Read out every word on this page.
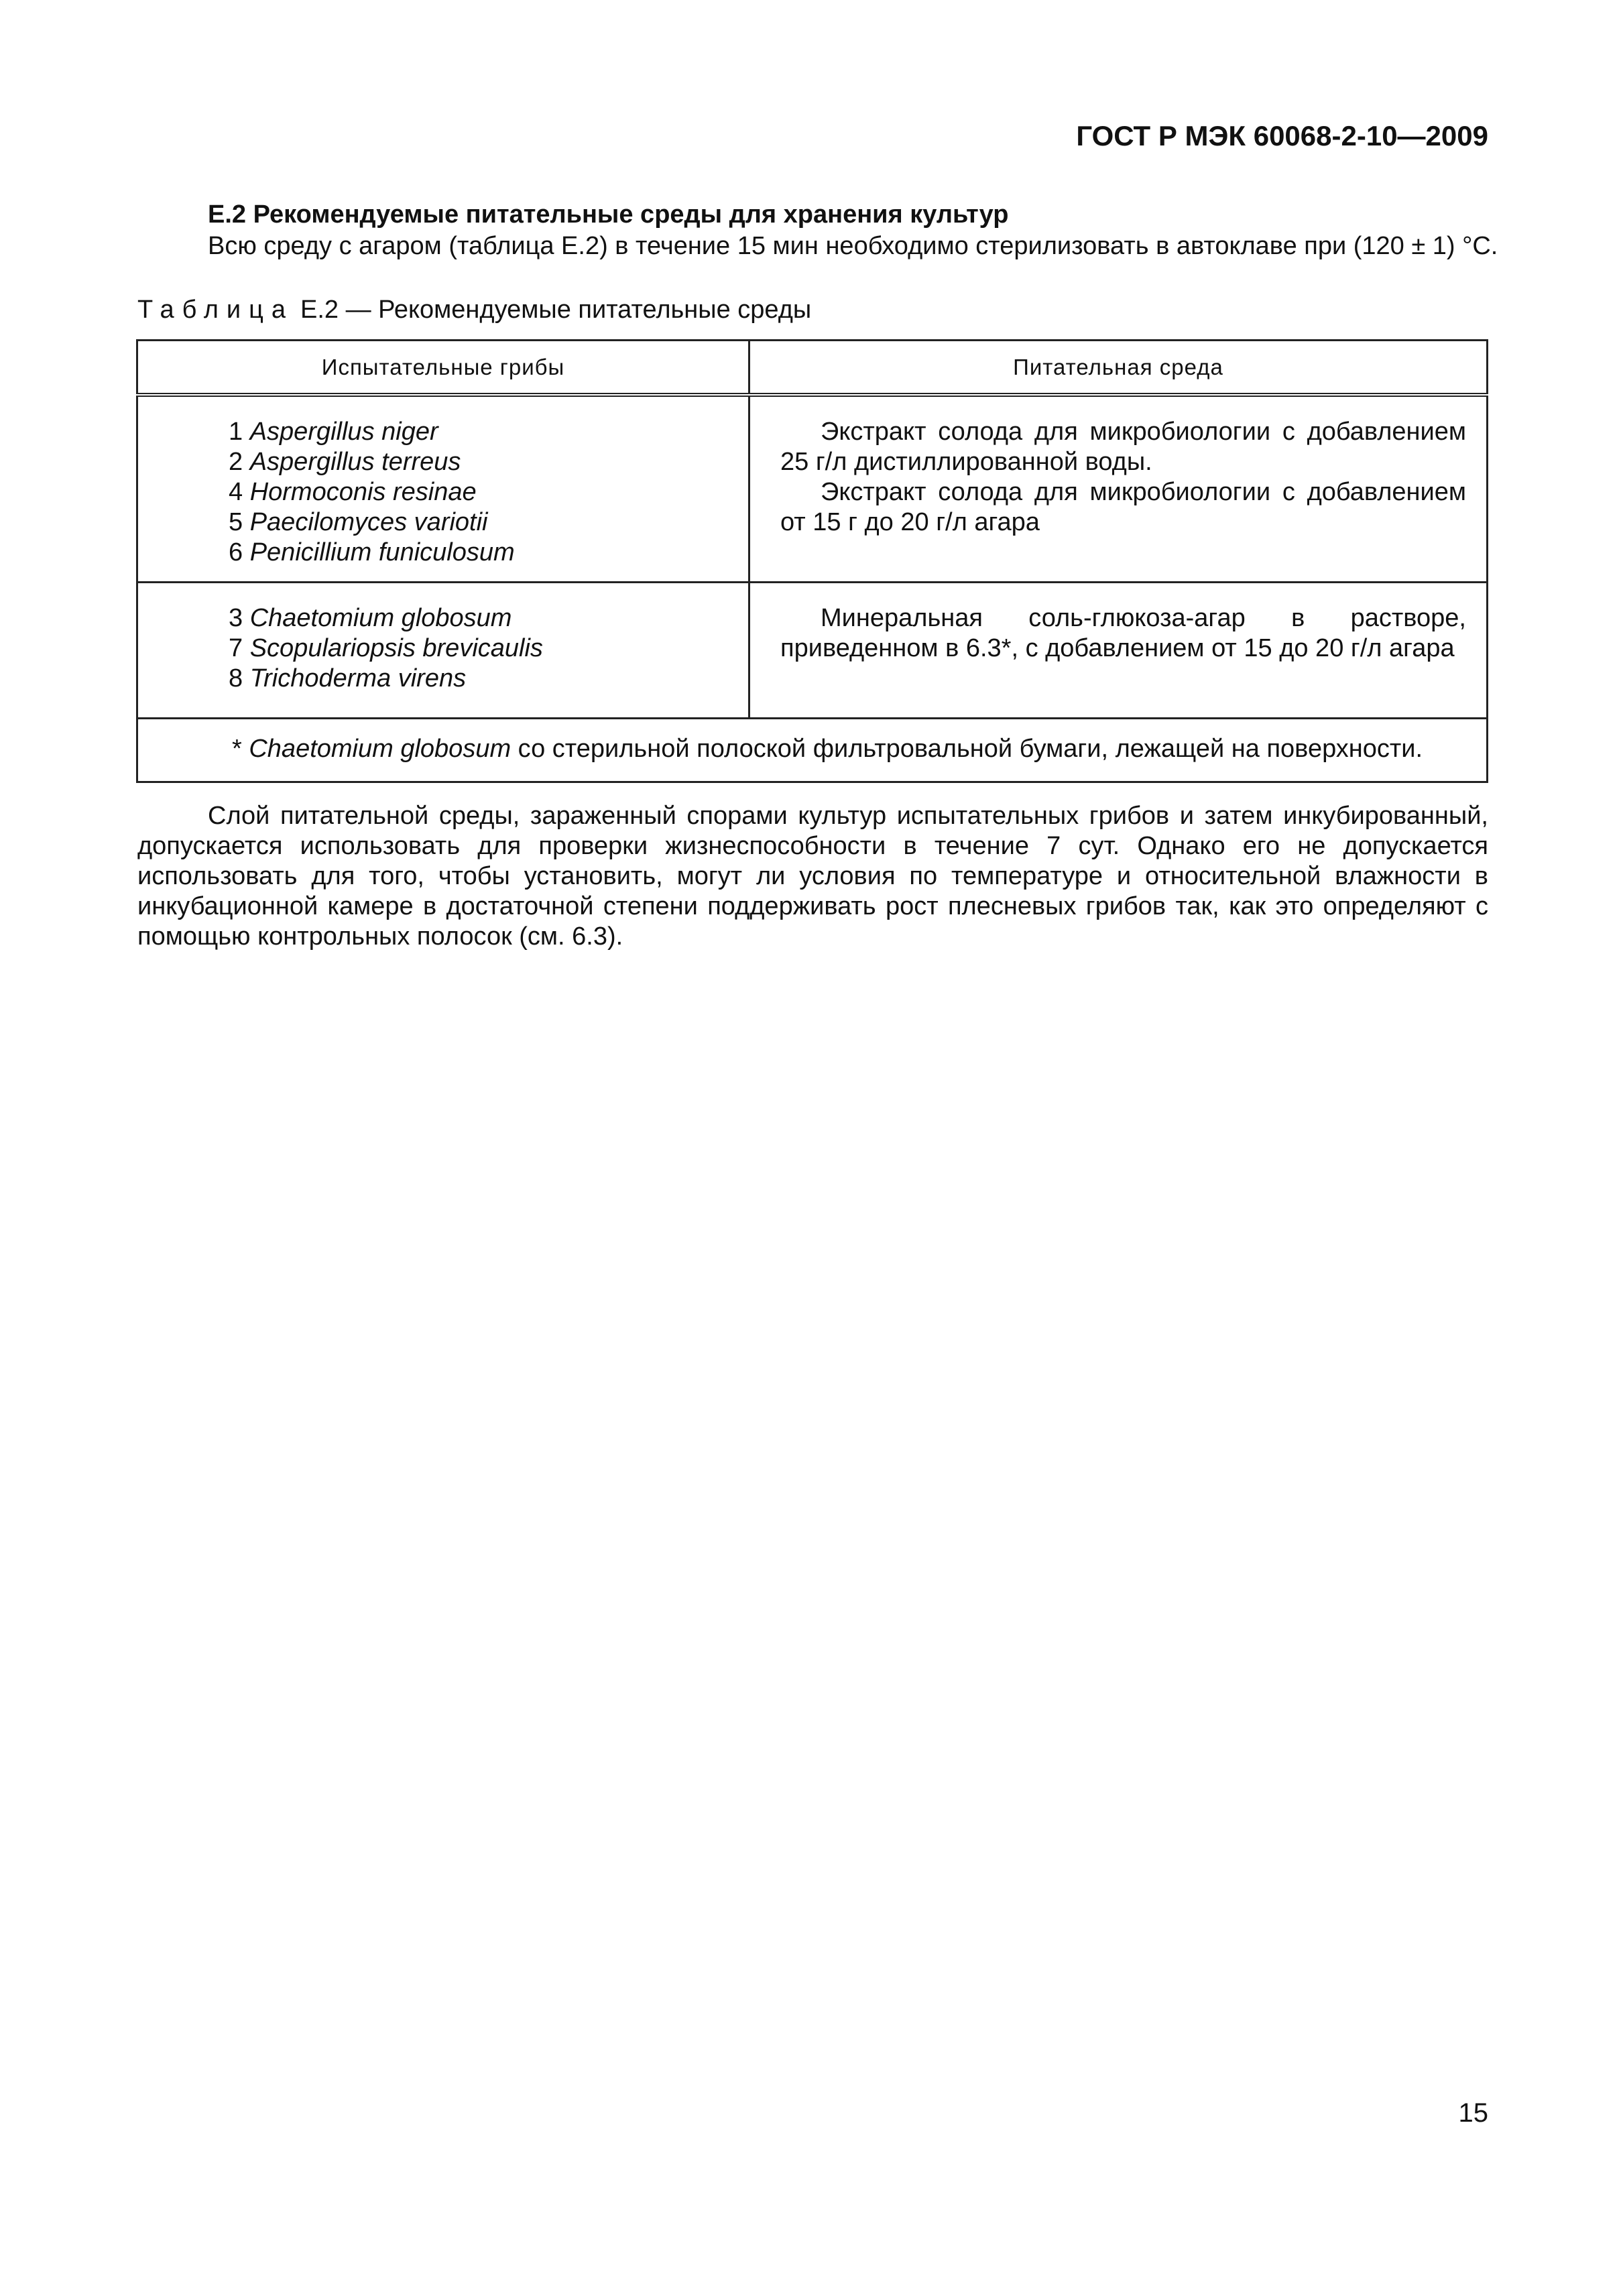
ГОСТ Р МЭК 60068-2-10—2009
Е.2 Рекомендуемые питательные среды для хранения культур
Всю среду с агаром (таблица Е.2) в течение 15 мин необходимо стерилизовать в автоклаве при (120 ± 1) °С.
Таблица Е.2 — Рекомендуемые питательные среды
Испытательные грибы	Питательная среда

1 Aspergillus niger
2 Aspergillus terreus
4 Hormoconis resinae
5 Paecilomyces variotii
6 Penicillium funiculosum	Экстракт солода для микробиологии с добавлением 25 г/л дистиллированной воды.
Экстракт солода для микробиологии с добавлением от 15 г до 20 г/л агара

3 Chaetomium globosum
7 Scopulariopsis brevicaulis
8 Trichoderma virens	Минеральная соль-глюкоза-агар в растворе, приведенном в 6.3*, с добавлением от 15 до 20 г/л агара

* Chaetomium globosum со стерильной полоской фильтровальной бумаги, лежащей на поверхности.	
Слой питательной среды, зараженный спорами культур испытательных грибов и затем инкубированный, допускается использовать для проверки жизнеспособности в течение 7 сут. Однако его не допускается использовать для того, чтобы установить, могут ли условия по температуре и относительной влажности в инкубационной камере в достаточной степени поддерживать рост плесневых грибов так, как это определяют с помощью контрольных полосок (см. 6.3).
15
